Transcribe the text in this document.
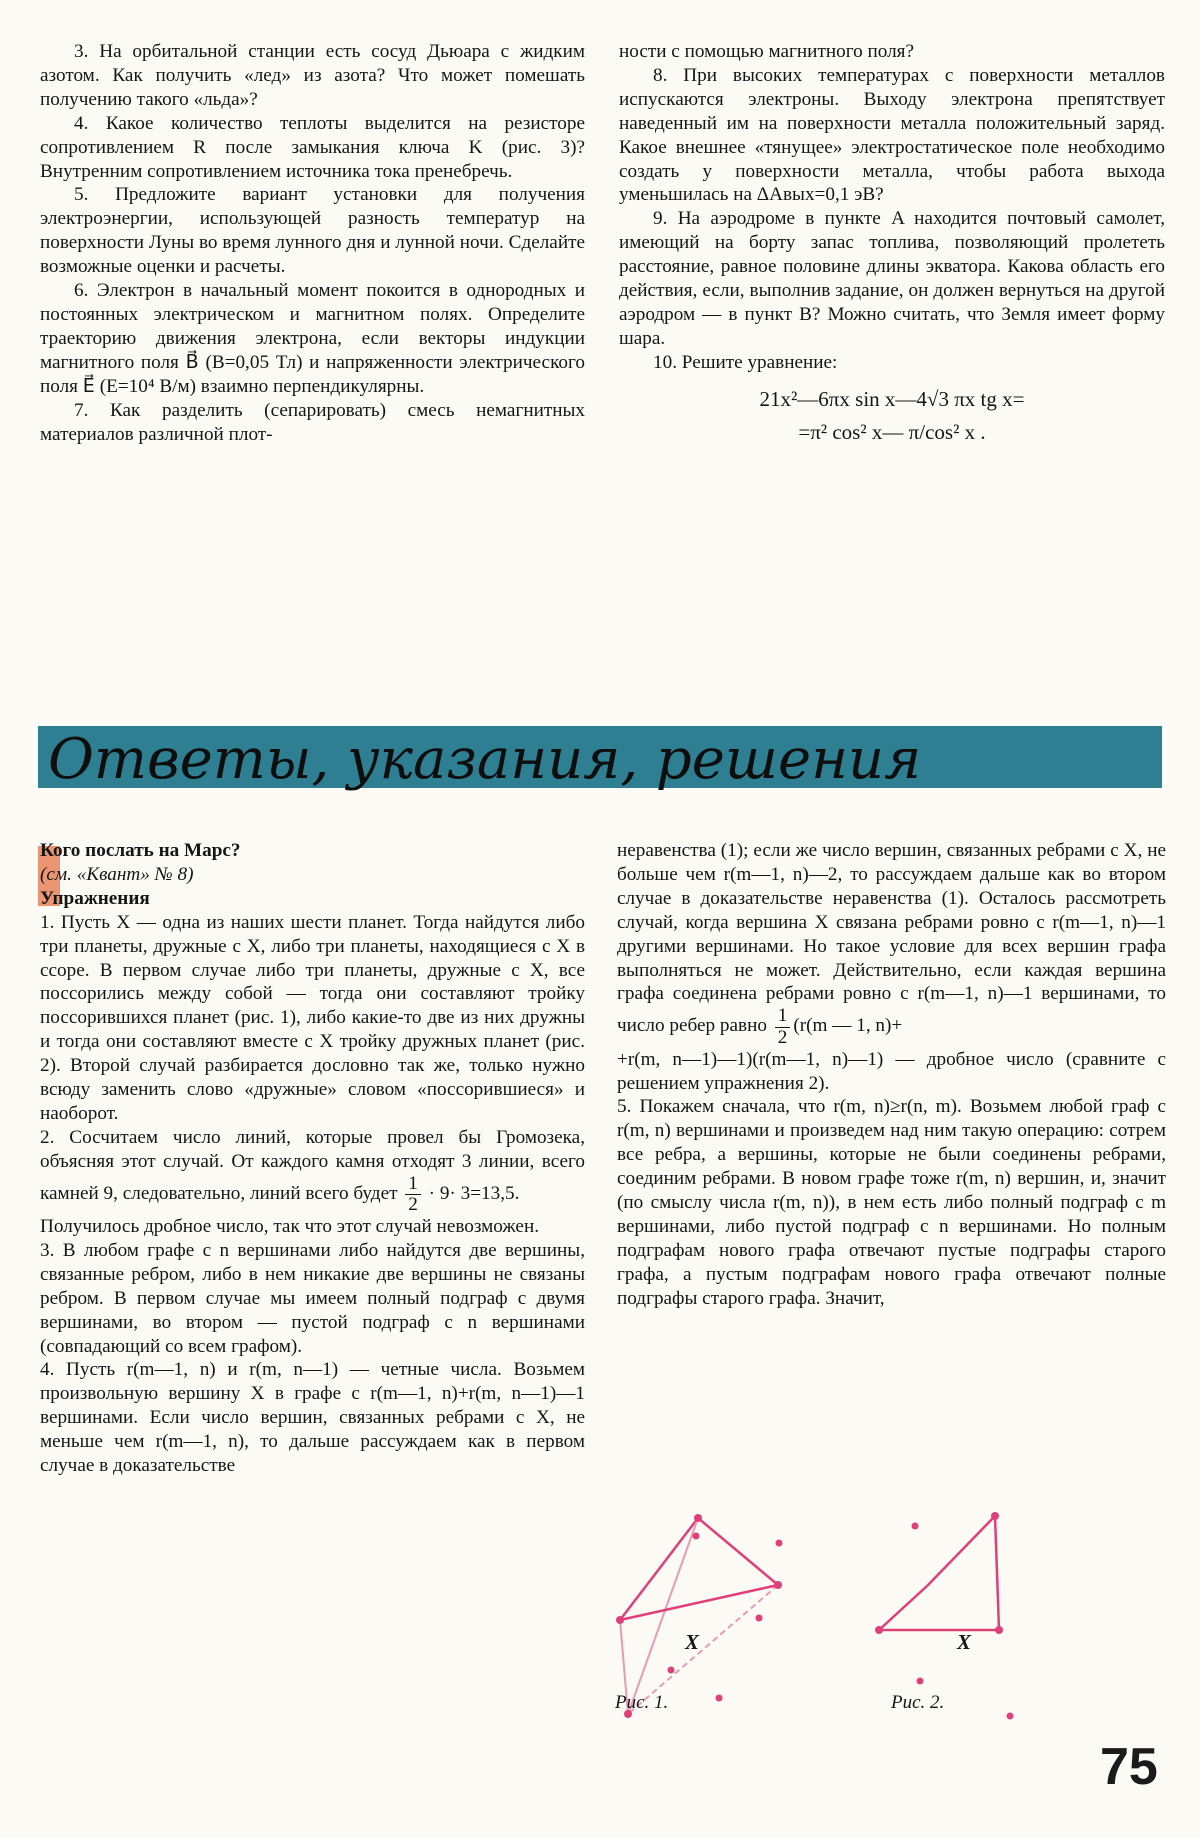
3. На орбитальной станции есть сосуд Дьюара с жидким азотом. Как получить «лед» из азота? Что может помешать получению такого «льда»?

4. Какое количество теплоты выделится на резисторе сопротивлением R после замыкания ключа K (рис. 3)? Внутренним сопротивлением источника тока пренебречь.

5. Предложите вариант установки для получения электроэнергии, использующей разность температур на поверхности Луны во время лунного дня и лунной ночи. Сделайте возможные оценки и расчеты.

6. Электрон в начальный момент покоится в однородных и постоянных электрическом и магнитном полях. Определите траекторию движения электрона, если векторы индукции магнитного поля B⃗ (B=0,05 Тл) и напряженности электрического поля E⃗ (E=10⁴ В/м) взаимно перпендикулярны.

7. Как разделить (сепарировать) смесь немагнитных материалов различной плот-

ности с помощью магнитного поля?

8. При высоких температурах с поверхности металлов испускаются электроны. Выходу электрона препятствует наведенный им на поверхности металла положительный заряд. Какое внешнее «тянущее» электростатическое поле необходимо создать у поверхности металла, чтобы работа выхода уменьшилась на ΔAвых=0,1 эВ?

9. На аэродроме в пункте A находится почтовый самолет, имеющий на борту запас топлива, позволяющий пролететь расстояние, равное половине длины экватора. Какова область его действия, если, выполнив задание, он должен вернуться на другой аэродром — в пункт B? Можно считать, что Земля имеет форму шара.

10. Решите уравнение:

21x²—6πx sin x—4√3 πx tg x=

=π² cos² x— π/cos² x .

Ответы, указания, решения

Кого послать на Марс?

(см. «Квант» № 8)

Упражнения

1. Пусть X — одна из наших шести планет. Тогда найдутся либо три планеты, дружные с X, либо три планеты, находящиеся с X в ссоре. В первом случае либо три планеты, дружные с X, все поссорились между собой — тогда они составляют тройку поссорившихся планет (рис. 1), либо какие-то две из них дружны и тогда они составляют вместе с X тройку дружных планет (рис. 2). Второй случай разбирается дословно так же, только нужно всюду заменить слово «дружные» словом «поссорившиеся» и наоборот.

2. Сосчитаем число линий, которые провел бы Громозека, объясняя этот случай. От каждого камня отходят 3 линии, всего камней 9, следовательно, линий всего будет $\frac{1}{2} \cdot 9\cdot 3=13,5$.

Получилось дробное число, так что этот случай невозможен.

3. В любом графе с n вершинами либо найдутся две вершины, связанные ребром, либо в нем никакие две вершины не связаны ребром. В первом случае мы имеем полный подграф с двумя вершинами, во втором — пустой подграф с n вершинами (совпадающий со всем графом).

4. Пусть r(m—1, n) и r(m, n—1) — четные числа. Возьмем произвольную вершину X в графе с r(m—1, n)+r(m, n—1)—1 вершинами. Если число вершин, связанных ребрами с X, не меньше чем r(m—1, n), то дальше рассуждаем как в первом случае в доказательстве

неравенства (1); если же число вершин, связанных ребрами с X, не больше чем r(m—1, n)—2, то рассуждаем дальше как во втором случае в доказательстве неравенства (1). Осталось рассмотреть случай, когда вершина X связана ребрами ровно с r(m—1, n)—1 другими вершинами. Но такое условие для всех вершин графа выполняться не может. Действительно, если каждая вершина графа соединена ребрами ровно с r(m—1, n)—1 вершинами, то число ребер равно $\frac{1}{2} (r(m$ — 1, n)+

+r(m, n—1)—1)(r(m—1, n)—1) — дробное число (сравните с решением упражнения 2).

5. Покажем сначала, что r(m, n)≥r(n, m). Возьмем любой граф с r(m, n) вершинами и произведем над ним такую операцию: сотрем все ребра, а вершины, которые не были соединены ребрами, соединим ребрами. В новом графе тоже r(m, n) вершин, и, значит (по смыслу числа r(m, n)), в нем есть либо полный подграф с m вершинами, либо пустой подграф с n вершинами. Но полным подграфам нового графа отвечают пустые подграфы старого графа, а пустым подграфам нового графа отвечают полные подграфы старого графа. Значит,

X	X
Рис. 1.	Рис. 2.
75
